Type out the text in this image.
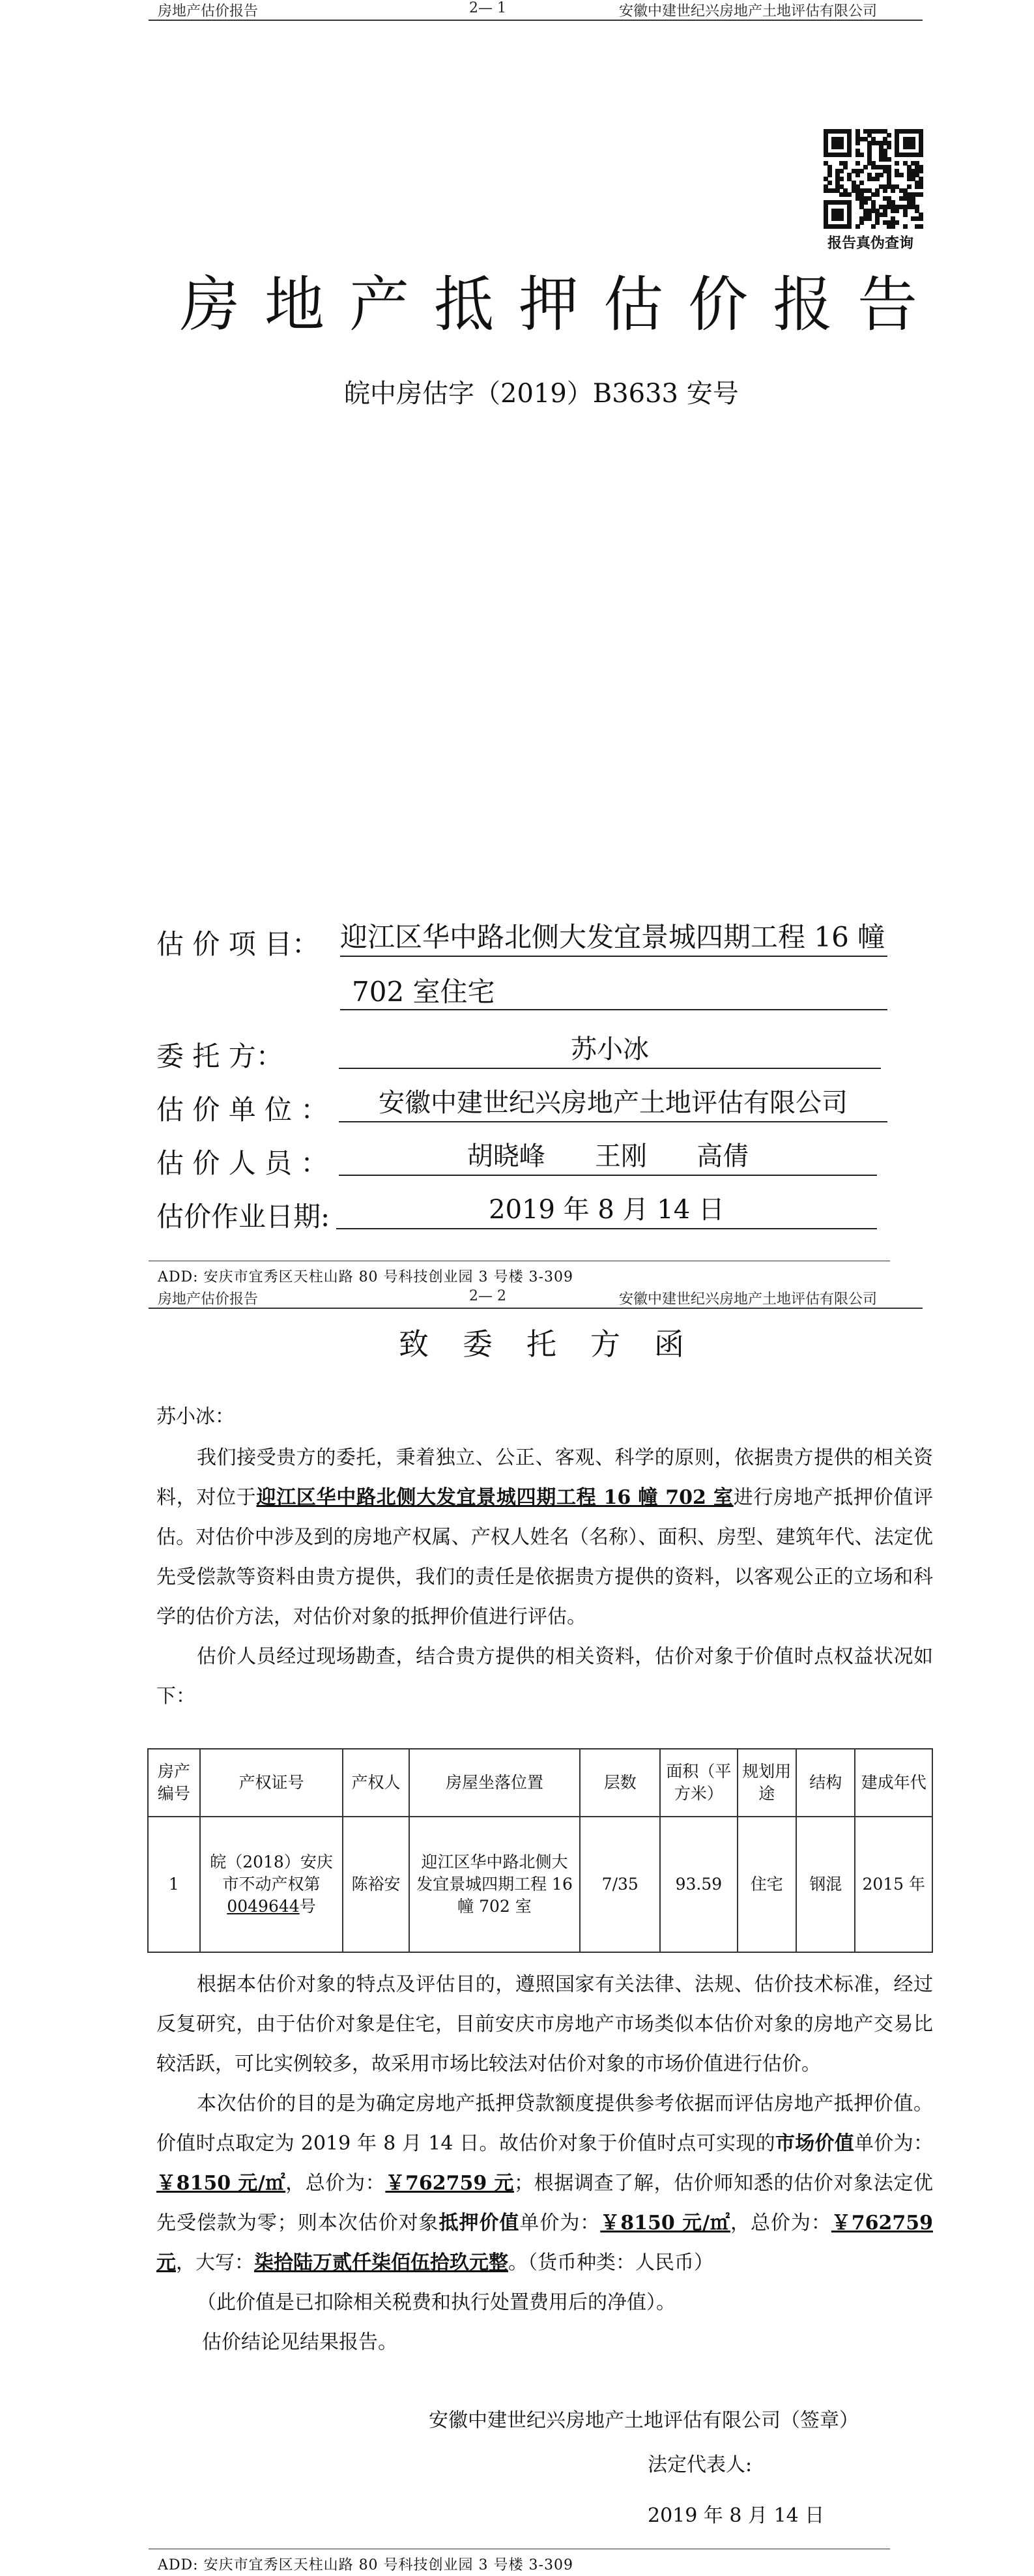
房地产估价报告	2— 1	安徽中建世纪兴房地产土地评估有限公司
报告真伪查询
房地产抵押估价报告
皖中房估字（2019）B3633 安号
估 价 项 目： 迎江区华中路北侧大发宜景城四期工程 16 幢
702 室住宅
委 托 方：	苏小冰
估 价 单 位 ：	安徽中建世纪兴房地产土地评估有限公司
估 价 人 员 ：	胡晓峰      王刚      高倩
估价作业日期:	2019 年 8 月 14 日
ADD: 安庆市宜秀区天柱山路 80 号科技创业园 3 号楼 3-309
房地产估价报告	2— 2	安徽中建世纪兴房地产土地评估有限公司
致委托方函
苏小冰：

我们接受贵方的委托，秉着独立、公正、客观、科学的原则，依据贵方提供的相关资料，对位于迎江区华中路北侧大发宜景城四期工程 16 幢 702 室进行房地产抵押价值评估。对估价中涉及到的房地产权属、产权人姓名（名称）、面积、房型、建筑年代、法定优先受偿款等资料由贵方提供，我们的责任是依据贵方提供的资料，以客观公正的立场和科学的估价方法，对估价对象的抵押价值进行评估。

估价人员经过现场勘查，结合贵方提供的相关资料，估价对象于价值时点权益状况如下：

房产编号	产权证号	产权人	房屋坐落位置	层数	面积（平方米）	规划用途	结构	建成年代
1	皖（2018）安庆市不动产权第0049644号	陈裕安	迎江区华中路北侧大发宜景城四期工程 16 幢 702 室	7/35	93.59	住宅	钢混	2015 年

根据本估价对象的特点及评估目的，遵照国家有关法律、法规、估价技术标准，经过反复研究，由于估价对象是住宅，目前安庆市房地产市场类似本估价对象的房地产交易比较活跃，可比实例较多，故采用市场比较法对估价对象的市场价值进行估价。

本次估价的目的是为确定房地产抵押贷款额度提供参考依据而评估房地产抵押价值。价值时点取定为 2019 年 8 月 14 日。故估价对象于价值时点可实现的市场价值单价为：￥8150 元/㎡，总价为：￥762759 元；根据调查了解，估价师知悉的估价对象法定优先受偿款为零；则本次估价对象抵押价值单价为：￥8150 元/㎡，总价为：￥762759 元，大写：柒拾陆万贰仟柒佰伍拾玖元整。（货币种类：人民币）

（此价值是已扣除相关税费和执行处置费用后的净值）。

估价结论见结果报告。

安徽中建世纪兴房地产土地评估有限公司（签章）
法定代表人:
2019 年 8 月 14 日
ADD: 安庆市宜秀区天柱山路 80 号科技创业园 3 号楼 3-309
